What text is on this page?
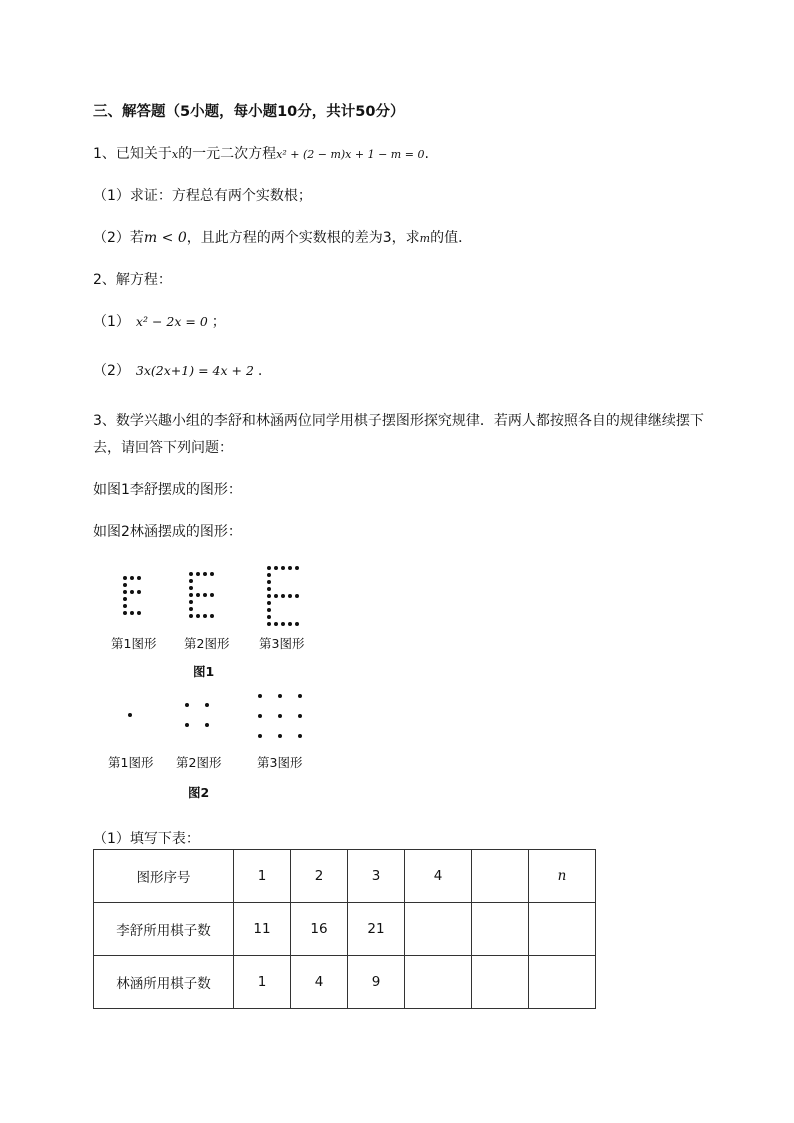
三、解答题（5小题，每小题10分，共计50分）
1、已知关于x的一元二次方程x² + (2 − m)x + 1 − m = 0.
（1）求证：方程总有两个实数根；
（2）若m < 0，且此方程的两个实数根的差为3，求m的值．
2、解方程：
（1） x² − 2x = 0 ；
（2） 3x(2x+1) = 4x + 2 .
3、数学兴趣小组的李舒和林涵两位同学用棋子摆图形探究规律．若两人都按照各自的规律继续摆下
去，请回答下列问题：
如图1李舒摆成的图形：
如图2林涵摆成的图形：
第1图形 第2图形 第3图形
图1
第1图形 第2图形	第3图形
图2
（1）填写下表：
图形序号	1	2	3	4		n
李舒所用棋子数	11	16	21			
林涵所用棋子数	1	4	9			
